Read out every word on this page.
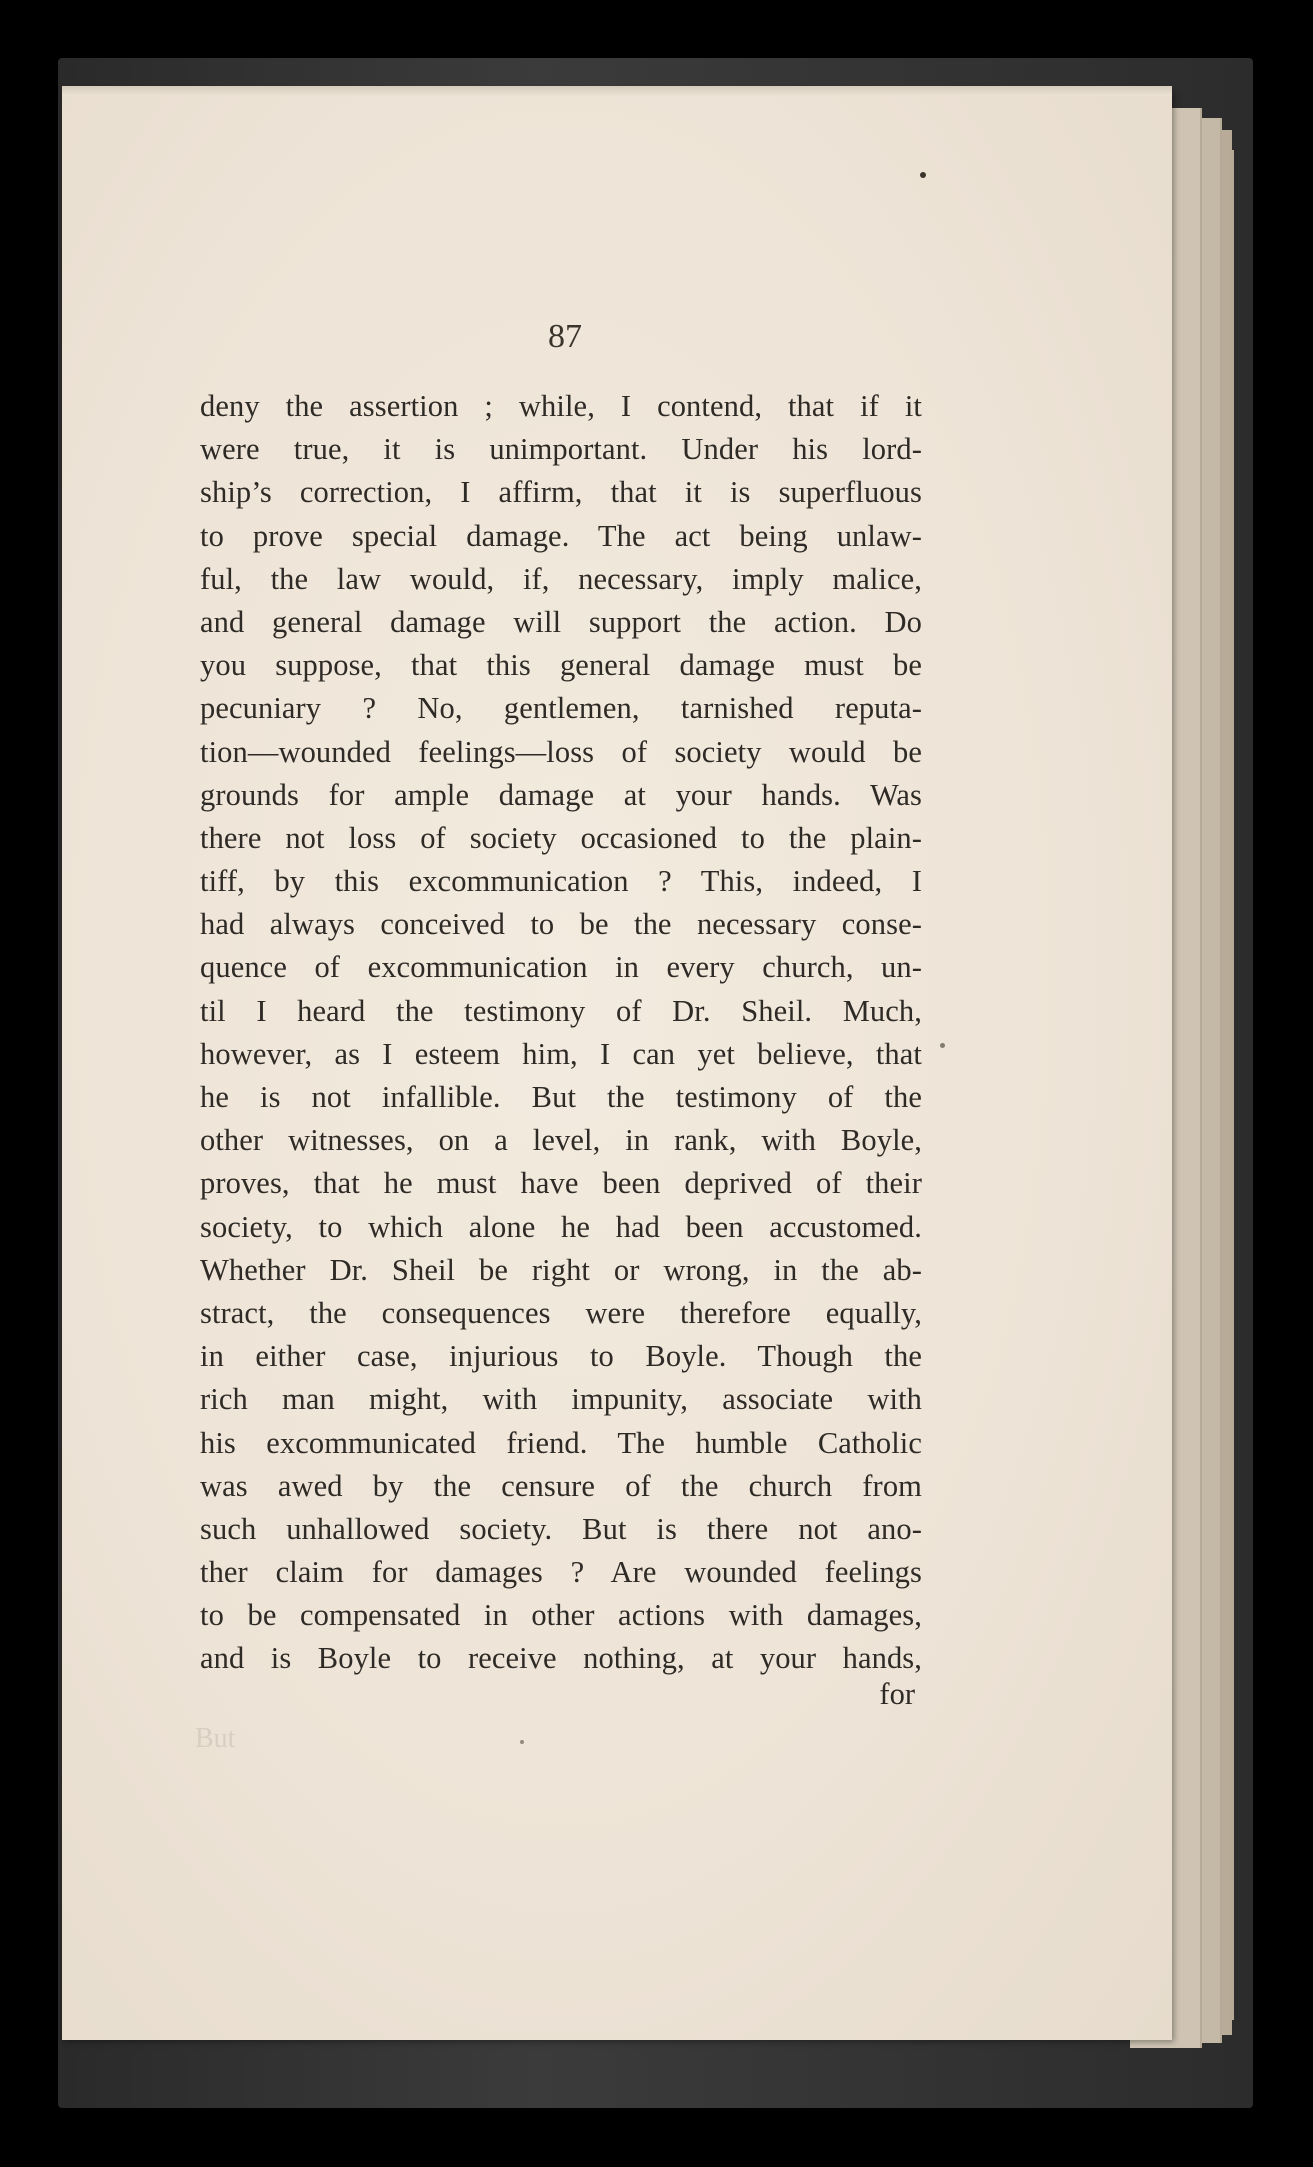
87
deny the assertion ; while, I contend, that if it
were true, it is unimportant. Under his lord-
ship’s correction, I affirm, that it is superfluous
to prove special damage. The act being unlaw-
ful, the law would, if, necessary, imply malice,
and general damage will support the action. Do
you suppose, that this general damage must be
pecuniary ? No, gentlemen, tarnished reputa-
tion—wounded feelings—loss of society would be
grounds for ample damage at your hands. Was
there not loss of society occasioned to the plain-
tiff, by this excommunication ? This, indeed, I
had always conceived to be the necessary conse-
quence of excommunication in every church, un-
til I heard the testimony of Dr. Sheil. Much,
however, as I esteem him, I can yet believe, that
he is not infallible. But the testimony of the
other witnesses, on a level, in rank, with Boyle,
proves, that he must have been deprived of their
society, to which alone he had been accustomed.
Whether Dr. Sheil be right or wrong, in the ab-
stract, the consequences were therefore equally,
in either case, injurious to Boyle. Though the
rich man might, with impunity, associate with
his excommunicated friend. The humble Catholic
was awed by the censure of the church from
such unhallowed society. But is there not ano-
ther claim for damages ? Are wounded feelings
to be compensated in other actions with damages,
and is Boyle to receive nothing, at your hands,
for
But
